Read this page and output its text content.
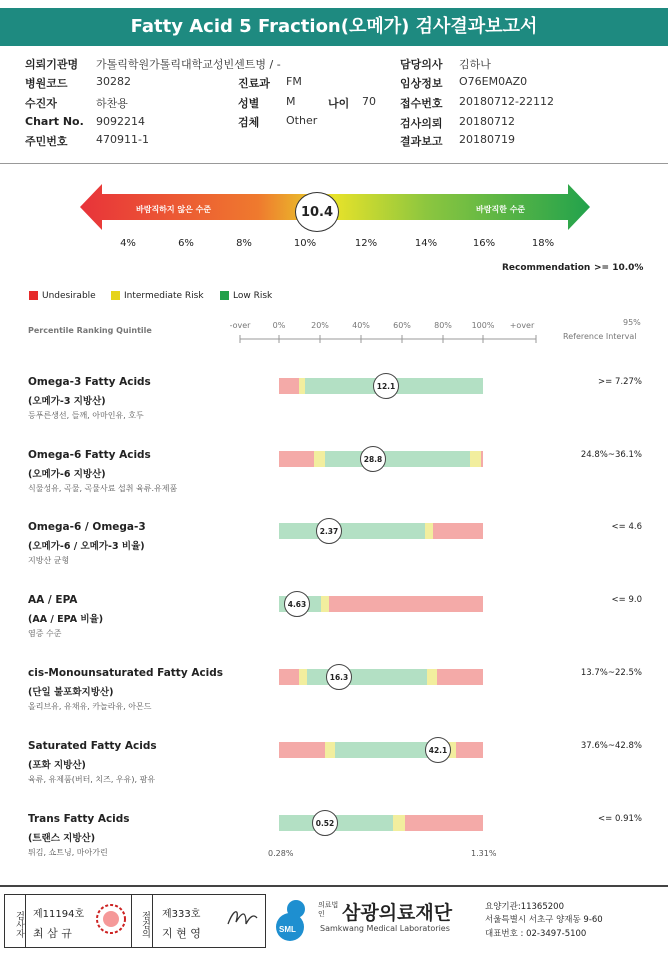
Fatty Acid 5 Fraction(오메가) 검사결과보고서
의뢰기관명 가톨릭학원가톨릭대학교성빈센트병 / -
병원코드	30282
수진자	하찬용
Chart No. 9092214
주민번호	470911-1
진료과 FM
성별 M	나이 70
검체 Other
담당의사 김하나
임상정보 O76EM0AZ0
접수번호 20180712-22112
검사의뢰 20180712
결과보고 20180719
바람직하지 않은 수준	바람직한 수준
10.4
4%	6%	8%	10%	12%	14%	16%	18%
Recommendation >= 10.0%
Undesirable	Intermediate Risk	Low Risk
Percentile Ranking Quintile
-over	0%	20%	40%	60%	80%	100%	+over	95%
Reference Interval
Omega-3 Fatty Acids
(오메가-3 지방산)
등푸른생선, 들깨, 아마인유, 호두
12.1	>= 7.27%
Omega-6 Fatty Acids
(오메가-6 지방산)
식물성유, 곡물, 곡물사료 섭취 육류.유제품
28.8	24.8%~36.1%
Omega-6 / Omega-3
(오메가-6 / 오메가-3 비율)
지방산 균형
2.37	<= 4.6
AA / EPA
(AA / EPA 비율)
염증 수준
4.63	<= 9.0
cis-Monounsaturated Fatty Acids
(단일 불포화지방산)
올리브유, 유채유, 카놀라유, 아몬드
16.3	13.7%~22.5%
Saturated Fatty Acids
(포화 지방산)
육류, 유제품(버터, 치즈, 우유), 팜유
42.1	37.6%~42.8%
Trans Fatty Acids
(트랜스 지방산)
튀김, 쇼트닝, 마아가린
0.52	<= 0.91%
0.28%	1.31%
검사자 제11194호
최 삼 규	점검의	제333호
지 현 영	SML
의료법인 삼광의료재단
Samkwang Medical Laboratories
요양기관:11365200
서울특별시 서초구 양재동 9-60
대표번호 : 02-3497-5100
